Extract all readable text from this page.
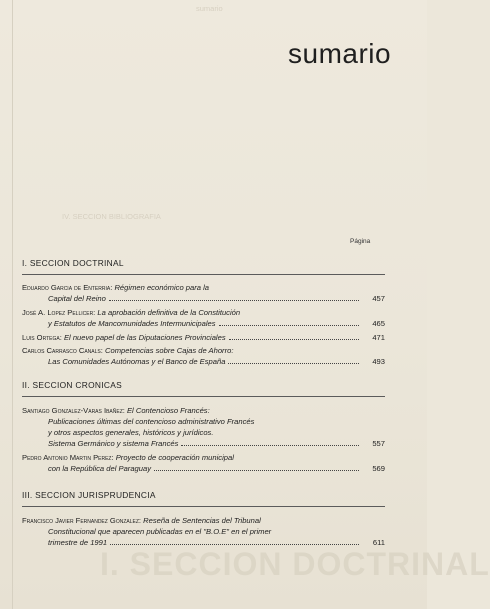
sumario
IV. SECCION BIBLIOGRAFIA
I. SECCION DOCTRINAL
sumario
Página
I. SECCION DOCTRINAL
Eduardo Garcia de Enterria: Régimen económico para la
Capital del Reino	457
José A. Lopez Pellicer: La aprobación definitiva de la Constitución
y Estatutos de Mancomunidades Intermunicipales	465
Luis Ortega:
El nuevo papel de las Diputaciones Provinciales	471
Carlos Carrasco Canals: Competencias sobre Cajas de Ahorro:
Las Comunidades Autónomas y el Banco de España	493
II. SECCION CRONICAS
Santiago Gonzalez-Varas Ibañez: El Contencioso Francés:
Publicaciones últimas del contencioso administrativo Francés
y otros aspectos generales, históricos y jurídicos.
Sistema Germánico y sistema Francés	557
Pedro Antonio Martin Perez: Proyecto de cooperación municipal
con la República del Paraguay	569
III. SECCION JURISPRUDENCIA
Francisco Javier Fernandez Gonzalez: Reseña de Sentencias del Tribunal
Constitucional que aparecen publicadas en el "B.O.E" en el primer
trimestre de 1991	611
